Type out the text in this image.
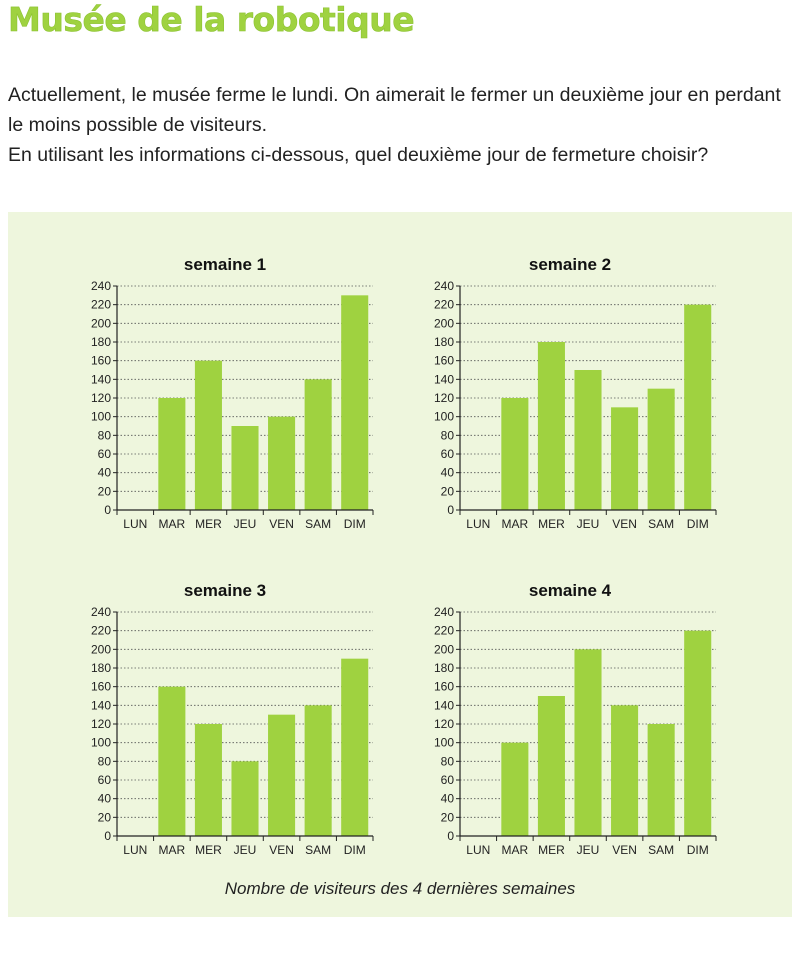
Musée de la robotique

Actuellement, le musée ferme le lundi. On aimerait le fermer un deuxième jour en perdant le moins possible de visiteurs.

En utilisant les informations ci-dessous, quel deuxième jour de fermeture choisir?

semaine 1
0
20
40
60
80
100
120
140
160
180
200
220
240
LUN MAR MER JEU VEN SAM DIM
semaine 2
0
20
40
60
80
100
120
140
160
180
200
220
240
LUN MAR MER JEU VEN SAM DIM
semaine 3
0
20
40
60
80
100
120
140
160
180
200
220
240
LUN MAR MER JEU VEN SAM DIM
semaine 4
0
20
40
60
80
100
120
140
160
180
200
220
240
LUN MAR MER JEU VEN SAM DIM
Nombre de visiteurs des 4 dernières semaines
